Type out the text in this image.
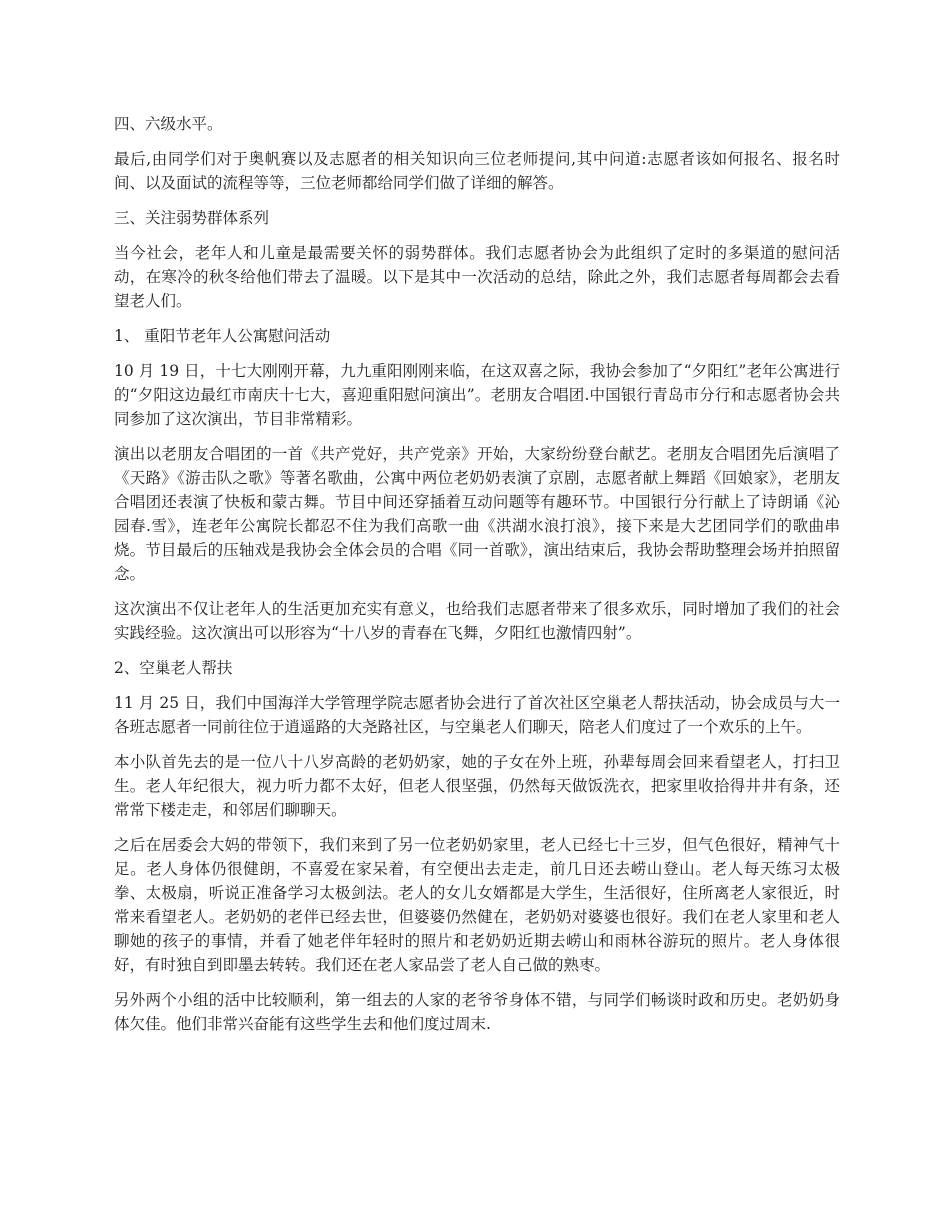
四、六级水平。

最后,由同学们对于奥帆赛以及志愿者的相关知识向三位老师提问,其中问道:志愿者该如何报名、报名时间、以及面试的流程等等，三位老师都给同学们做了详细的解答。

三、关注弱势群体系列

当今社会，老年人和儿童是最需要关怀的弱势群体。我们志愿者协会为此组织了定时的多渠道的慰问活动，在寒冷的秋冬给他们带去了温暖。以下是其中一次活动的总结，除此之外，我们志愿者每周都会去看望老人们。

1、 重阳节老年人公寓慰问活动

10 月 19 日，十七大刚刚开幕，九九重阳刚刚来临，在这双喜之际，我协会参加了“夕阳红”老年公寓进行的“夕阳这边最红市南庆十七大，喜迎重阳慰问演出”。老朋友合唱团.中国银行青岛市分行和志愿者协会共同参加了这次演出，节目非常精彩。

演出以老朋友合唱团的一首《共产党好，共产党亲》开始，大家纷纷登台献艺。老朋友合唱团先后演唱了《天路》《游击队之歌》等著名歌曲，公寓中两位老奶奶表演了京剧，志愿者献上舞蹈《回娘家》，老朋友合唱团还表演了快板和蒙古舞。节目中间还穿插着互动问题等有趣环节。中国银行分行献上了诗朗诵《沁园春.雪》，连老年公寓院长都忍不住为我们高歌一曲《洪湖水浪打浪》，接下来是大艺团同学们的歌曲串烧。节目最后的压轴戏是我协会全体会员的合唱《同一首歌》，演出结束后，我协会帮助整理会场并拍照留念。

这次演出不仅让老年人的生活更加充实有意义，也给我们志愿者带来了很多欢乐，同时增加了我们的社会实践经验。这次演出可以形容为“十八岁的青春在飞舞，夕阳红也激情四射”。

2、空巢老人帮扶

11 月 25 日，我们中国海洋大学管理学院志愿者协会进行了首次社区空巢老人帮扶活动，协会成员与大一各班志愿者一同前往位于逍遥路的大尧路社区，与空巢老人们聊天，陪老人们度过了一个欢乐的上午。

本小队首先去的是一位八十八岁高龄的老奶奶家，她的子女在外上班，孙辈每周会回来看望老人，打扫卫生。老人年纪很大，视力听力都不太好，但老人很坚强，仍然每天做饭洗衣，把家里收拾得井井有条，还常常下楼走走，和邻居们聊聊天。

之后在居委会大妈的带领下，我们来到了另一位老奶奶家里，老人已经七十三岁，但气色很好，精神气十足。老人身体仍很健朗，不喜爱在家呆着，有空便出去走走，前几日还去崂山登山。老人每天练习太极拳、太极扇，听说正准备学习太极剑法。老人的女儿女婿都是大学生，生活很好，住所离老人家很近，时常来看望老人。老奶奶的老伴已经去世，但婆婆仍然健在，老奶奶对婆婆也很好。我们在老人家里和老人聊她的孩子的事情，并看了她老伴年轻时的照片和老奶奶近期去崂山和雨林谷游玩的照片。老人身体很好，有时独自到即墨去转转。我们还在老人家品尝了老人自己做的熟枣。

另外两个小组的活中比较顺利，第一组去的人家的老爷爷身体不错，与同学们畅谈时政和历史。老奶奶身体欠佳。他们非常兴奋能有这些学生去和他们度过周末.
